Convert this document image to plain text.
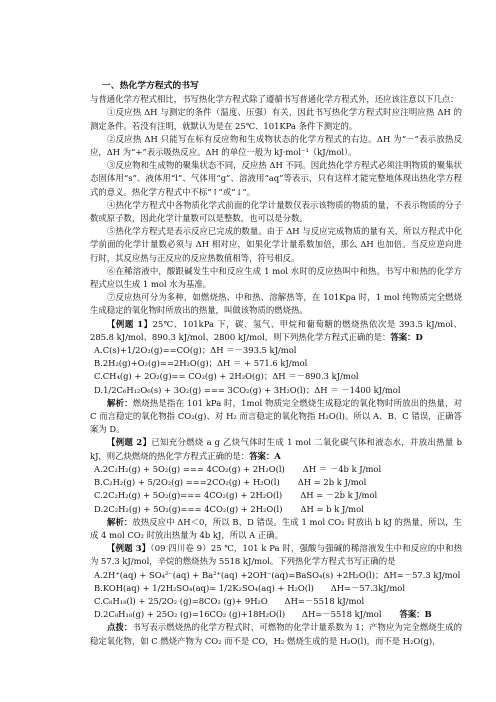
一、热化学方程式的书写

与普通化学方程式相比，书写热化学方程式除了遵循书写普通化学方程式外，还应该注意以下几点：

①反应热 ΔH 与测定的条件（温度、压强）有关，因此书写热化学方程式时应注明应热 ΔH 的测定条件。若没有注明，就默认为是在 25℃、101KPa 条件下测定的。

②反应热 ΔH 只能写在标有反应物和生成物状态的化学方程式的右边。ΔH 为“－”表示放热反应，ΔH 为“+”表示吸热反应。ΔH 的单位一般为 kJ·mol⁻¹（kJ/mol）。

③反应物和生成物的聚集状态不同，反应热 ΔH 不同。因此热化学方程式必须注明物质的聚集状态固体用“s”、液体用“l”、气体用“g”、溶液用“aq”等表示，只有这样才能完整地体现出热化学方程式的意义。热化学方程式中不标“↑”或“↓”。

④热化学方程式中各物质化学式前面的化学计量数仅表示该物质的物质的量，不表示物质的分子数或原子数，因此化学计量数可以是整数，也可以是分数。

⑤热化学方程式是表示反应已完成的数量。由于 ΔH 与反应完成物质的量有关，所以方程式中化学前面的化学计量数必须与 ΔH 相对应，如果化学计量系数加倍，那么 ΔH 也加倍。当反应逆向进行时，其反应热与正反应的反应热数值相等，符号相反。

⑥在稀溶液中，酸跟碱发生中和反应生成 1 mol 水时的反应热叫中和热。书写中和热的化学方程式应以生成 1 mol 水为基准。

⑦反应热可分为多种，如燃烧热、中和热、溶解热等，在 101Kpa 时，1 mol 纯物质完全燃烧生成稳定的氧化物时所放出的热量，叫做该物质的燃烧热。

【例题 1】25℃、101kPa 下，碳、氢气、甲烷和葡萄糖的燃烧热依次是 393.5 kJ/mol、285.8 kJ/mol、890.3 kJ/mol、2800 kJ/mol，则下列热化学方程式正确的是：答案：D

A.C(s)+1/2O₂(g)==CO(g)；ΔH ＝－393.5 kJ/mol

B.2H₂(g)+O₂(g)==2H₂O(g)；ΔH ＝ + 571.6 kJ/mol

C.CH₄(g) + 2O₂(g)== CO₂(g) + 2H₂O(g)；ΔH ＝－890.3 kJ/mol

D.1/2C₆H₁₂O₆(s) + 3O₂(g) === 3CO₂(g) + 3H₂O(l)；ΔH ＝ －1400 kJ/mol

解析：燃烧热是指在 101 kPa 时，1mol 物质完全燃烧生成稳定的氧化物时所放出的热量，对 C 而言稳定的氧化物指 CO₂(g)、对 H₂ 而言稳定的氧化物指 H₂O(l)。所以 A、B、C 错误，正确答案为 D。

【例题 2】已知充分燃烧 a g 乙炔气体时生成 1 mol 二氧化碳气体和液态水，并放出热量 b kJ，则乙炔燃烧的热化学方程式正确的是：答案：A

A.2C₂H₂(g) + 5O₂(g) === 4CO₂(g) + 2H₂O(l) ΔH ＝ －4b k J/mol

B.C₂H₂(g) + 5/2O₂(g) ===2CO₂(g) + H₂O(l) ΔH = 2b k J/mol

C.2C₂H₂(g) + 5O₂(g)=== 4CO₂(g) + 2H₂O(l) ΔH = －2b k J/mol

D.2C₂H₂(g) + 5O₂(g)=== 4CO₂(g) + 2H₂O(l) ΔH = b k J/mol

解析：放热反应中 ΔH＜0，所以 B、D 错误。生成 1 mol CO₂ 时放出 b kJ 的热量，所以，生成 4 mol CO₂ 时放出热量为 4b kJ，所以 A 正确。

【例题 3】（09 四川卷 9）25 ℃，101 k Pa 时，强酸与强碱的稀溶液发生中和反应的中和热为 57.3 kJ/mol，辛烷的燃烧热为 5518 kJ/mol。下列热化学方程式书写正确的是

A.2H⁺(aq) + SO₄²⁻(aq) + Ba²⁺(aq) +2OH⁻(aq)=BaSO₄(s) +2H₂O(l)；ΔH=－57.3 kJ/mol

B.KOH(aq) + 1/2H₂SO₄(aq)= 1/2K₂SO₄(aq) + H₂O(l)　　ΔH=－57.3kJ/mol

C.C₈H₁₈(l) + 25/2O₂ (g)=8CO₂ (g)+ 9H₂O　　ΔH=－5518 kJ/mol

D.2C₈H₁₈(g) + 25O₂ (g)=16CO₂ (g)+18H₂O(l)　　ΔH=－5518 kJ/mol 答案：B

点拨：书写表示燃烧热的化学方程式时，可燃物的化学计量系数为 1；产物应为完全燃烧生成的稳定氧化物，如 C 燃烧产物为 CO₂ 而不是 CO，H₂ 燃烧生成的是 H₂O(l)，而不是 H₂O(g)，
